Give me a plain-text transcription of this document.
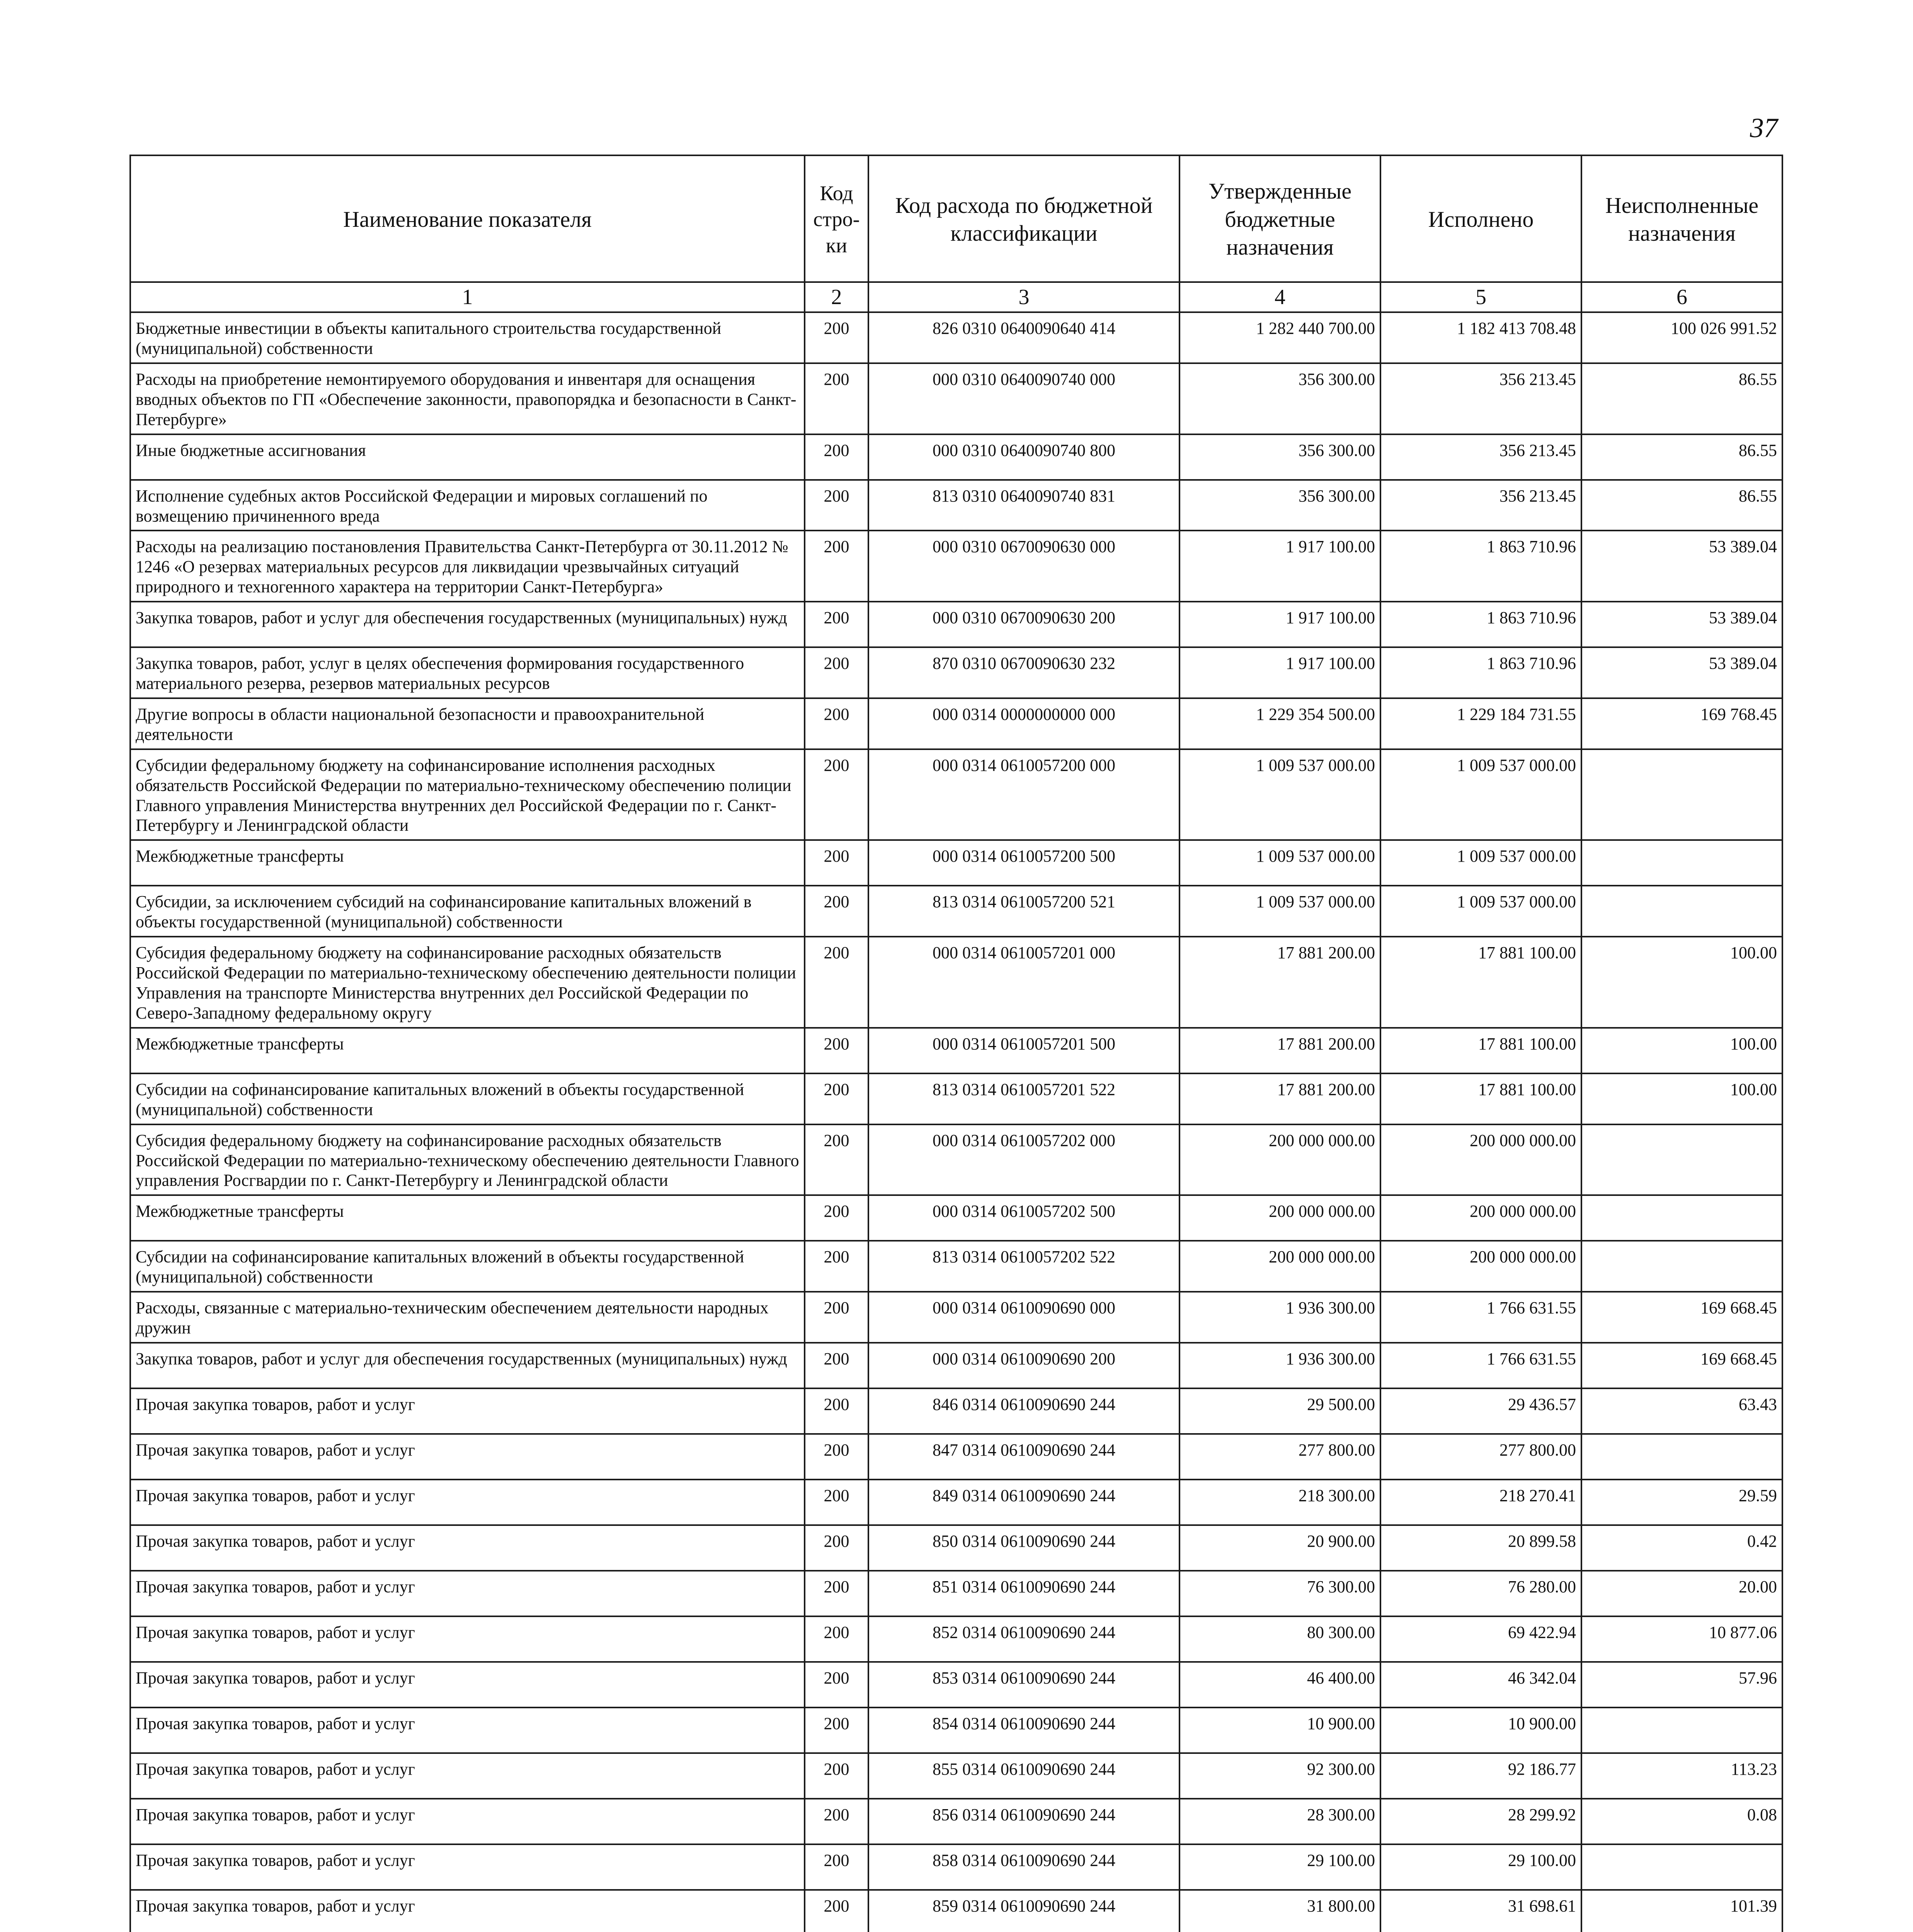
37
Наименование показателя	Код стро-ки	Код расхода по бюджетной классификации	Утвержденные бюджетные назначения	Исполнено	Неисполненные назначения
1	2	3	4	5	6
Бюджетные инвестиции в объекты капитального строительства государственной (муниципальной) собственности	200	826 0310 0640090640 414	1 282 440 700.00	1 182 413 708.48	100 026 991.52
Расходы на приобретение немонтируемого оборудования и инвентаря для оснащения вводных объектов по ГП «Обеспечение законности, правопорядка и безопасности в Санкт-Петербурге»	200	000 0310 0640090740 000	356 300.00	356 213.45	86.55
Иные бюджетные ассигнования	200	000 0310 0640090740 800	356 300.00	356 213.45	86.55
Исполнение судебных актов Российской Федерации и мировых соглашений по возмещению причиненного вреда	200	813 0310 0640090740 831	356 300.00	356 213.45	86.55
Расходы на реализацию постановления Правительства Санкт-Петербурга от 30.11.2012 № 1246 «О резервах материальных ресурсов для ликвидации чрезвычайных ситуаций природного и техногенного характера на территории Санкт-Петербурга»	200	000 0310 0670090630 000	1 917 100.00	1 863 710.96	53 389.04
Закупка товаров, работ и услуг для обеспечения государственных (муниципальных) нужд	200	000 0310 0670090630 200	1 917 100.00	1 863 710.96	53 389.04
Закупка товаров, работ, услуг в целях обеспечения формирования государственного материального резерва, резервов материальных ресурсов	200	870 0310 0670090630 232	1 917 100.00	1 863 710.96	53 389.04
Другие вопросы в области национальной безопасности и правоохранительной деятельности	200	000 0314 0000000000 000	1 229 354 500.00	1 229 184 731.55	169 768.45
Субсидии федеральному бюджету на софинансирование исполнения расходных обязательств Российской Федерации по материально-техническому обеспечению полиции Главного управления Министерства внутренних дел Российской Федерации по г. Санкт-Петербургу и Ленинградской области	200	000 0314 0610057200 000	1 009 537 000.00	1 009 537 000.00	
Межбюджетные трансферты	200	000 0314 0610057200 500	1 009 537 000.00	1 009 537 000.00	
Субсидии, за исключением субсидий на софинансирование капитальных вложений в объекты государственной (муниципальной) собственности	200	813 0314 0610057200 521	1 009 537 000.00	1 009 537 000.00	
Субсидия федеральному бюджету на софинансирование расходных обязательств Российской Федерации по материально-техническому обеспечению деятельности полиции Управления на транспорте Министерства внутренних дел Российской Федерации по Северо-Западному федеральному округу	200	000 0314 0610057201 000	17 881 200.00	17 881 100.00	100.00
Межбюджетные трансферты	200	000 0314 0610057201 500	17 881 200.00	17 881 100.00	100.00
Субсидии на софинансирование капитальных вложений в объекты государственной (муниципальной) собственности	200	813 0314 0610057201 522	17 881 200.00	17 881 100.00	100.00
Субсидия федеральному бюджету на софинансирование расходных обязательств Российской Федерации по материально-техническому обеспечению деятельности Главного управления Росгвардии по г. Санкт-Петербургу и Ленинградской области	200	000 0314 0610057202 000	200 000 000.00	200 000 000.00	
Межбюджетные трансферты	200	000 0314 0610057202 500	200 000 000.00	200 000 000.00	
Субсидии на софинансирование капитальных вложений в объекты государственной (муниципальной) собственности	200	813 0314 0610057202 522	200 000 000.00	200 000 000.00	
Расходы, связанные с материально-техническим обеспечением деятельности народных дружин	200	000 0314 0610090690 000	1 936 300.00	1 766 631.55	169 668.45
Закупка товаров, работ и услуг для обеспечения государственных (муниципальных) нужд	200	000 0314 0610090690 200	1 936 300.00	1 766 631.55	169 668.45
Прочая закупка товаров, работ и услуг	200	846 0314 0610090690 244	29 500.00	29 436.57	63.43
Прочая закупка товаров, работ и услуг	200	847 0314 0610090690 244	277 800.00	277 800.00	
Прочая закупка товаров, работ и услуг	200	849 0314 0610090690 244	218 300.00	218 270.41	29.59
Прочая закупка товаров, работ и услуг	200	850 0314 0610090690 244	20 900.00	20 899.58	0.42
Прочая закупка товаров, работ и услуг	200	851 0314 0610090690 244	76 300.00	76 280.00	20.00
Прочая закупка товаров, работ и услуг	200	852 0314 0610090690 244	80 300.00	69 422.94	10 877.06
Прочая закупка товаров, работ и услуг	200	853 0314 0610090690 244	46 400.00	46 342.04	57.96
Прочая закупка товаров, работ и услуг	200	854 0314 0610090690 244	10 900.00	10 900.00	
Прочая закупка товаров, работ и услуг	200	855 0314 0610090690 244	92 300.00	92 186.77	113.23
Прочая закупка товаров, работ и услуг	200	856 0314 0610090690 244	28 300.00	28 299.92	0.08
Прочая закупка товаров, работ и услуг	200	858 0314 0610090690 244	29 100.00	29 100.00	
Прочая закупка товаров, работ и услуг	200	859 0314 0610090690 244	31 800.00	31 698.61	101.39
